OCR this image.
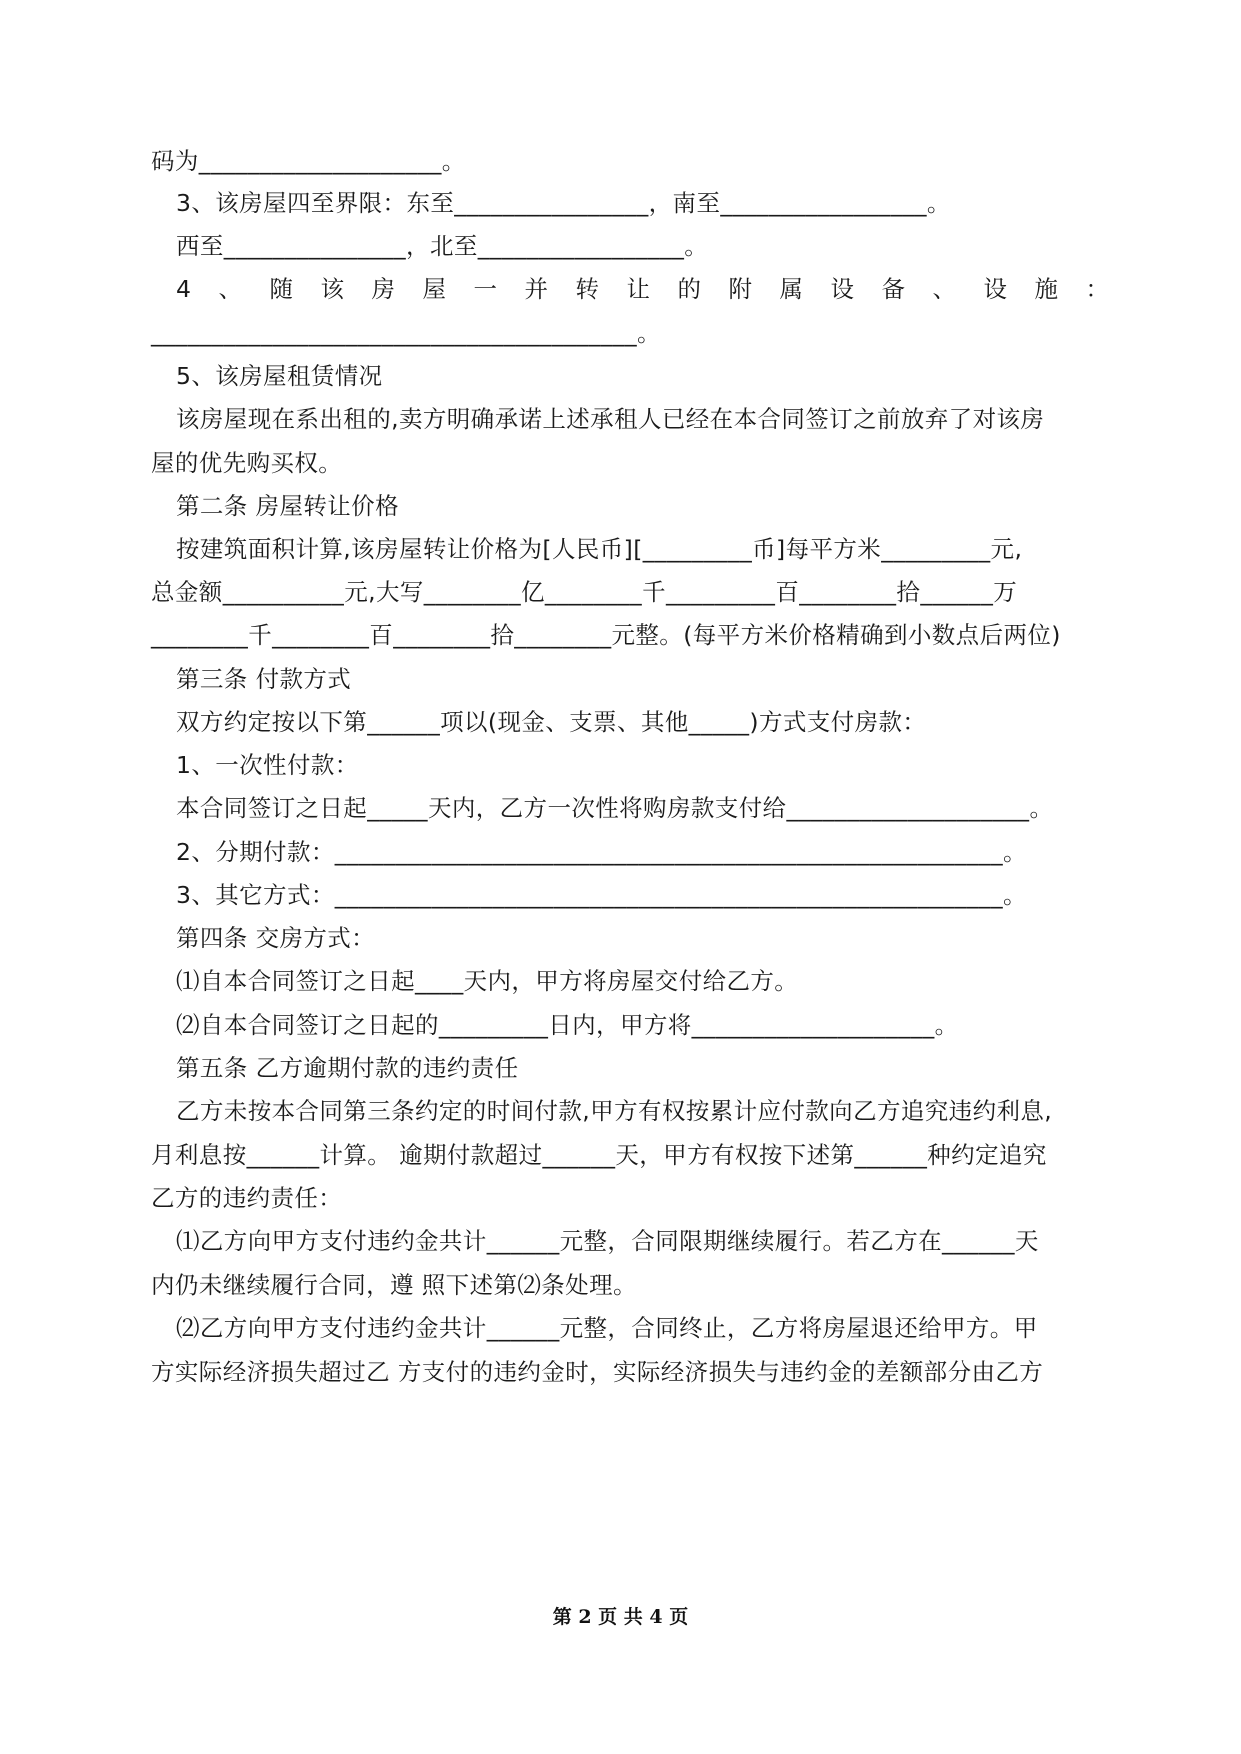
码为____________________。
3、该房屋四至界限：东至________________，南至_________________。
西至_______________，北至_________________。
4、随该房屋一并转让的附属设备、设施：
________________________________________。
5、该房屋租赁情况
该房屋现在系出租的,卖方明确承诺上述承租人已经在本合同签订之前放弃了对该房
屋的优先购买权。
第二条 房屋转让价格
按建筑面积计算,该房屋转让价格为[人民币][_________币]每平方米_________元,
总金额__________元,大写________亿________千_________百________拾______万
________千________百________拾________元整。(每平方米价格精确到小数点后两位)
第三条 付款方式
双方约定按以下第______项以(现金、支票、其他_____)方式支付房款：
1、一次性付款：
本合同签订之日起_____天内，乙方一次性将购房款支付给____________________。
2、分期付款：_______________________________________________________。
3、其它方式：_______________________________________________________。
第四条 交房方式：
⑴自本合同签订之日起____天内，甲方将房屋交付给乙方。
⑵自本合同签订之日起的_________日内，甲方将____________________。
第五条 乙方逾期付款的违约责任
乙方未按本合同第三条约定的时间付款,甲方有权按累计应付款向乙方追究违约利息,
月利息按______计算。 逾期付款超过______天，甲方有权按下述第______种约定追究
乙方的违约责任：
⑴乙方向甲方支付违约金共计______元整，合同限期继续履行。若乙方在______天
内仍未继续履行合同，遵 照下述第⑵条处理。
⑵乙方向甲方支付违约金共计______元整，合同终止，乙方将房屋退还给甲方。甲
方实际经济损失超过乙 方支付的违约金时，实际经济损失与违约金的差额部分由乙方
第 2 页 共 4 页
